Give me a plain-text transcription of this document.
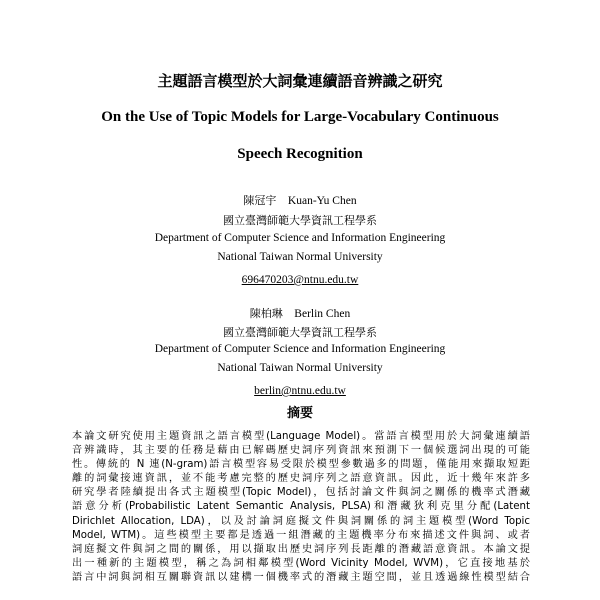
主題語言模型於大詞彙連續語音辨識之研究
On the Use of Topic Models for Large-Vocabulary Continuous
Speech Recognition
陳冠宇 Kuan-Yu Chen
國立臺灣師範大學資訊工程學系
Department of Computer Science and Information Engineering
National Taiwan Normal University
696470203@ntnu.edu.tw
陳柏琳 Berlin Chen
國立臺灣師範大學資訊工程學系
Department of Computer Science and Information Engineering
National Taiwan Normal University
berlin@ntnu.edu.tw
摘要
本論文研究使用主題資訊之語言模型(Language Model)。當語言模型用於大詞彙連續語
音辨識時，其主要的任務是藉由已解碼歷史詞序列資訊來預測下一個候選詞出現的可能
性。傳統的 N 連(N-gram)語言模型容易受限於模型參數過多的問題，僅能用來擷取短距
離的詞彙接連資訊，並不能考慮完整的歷史詞序列之語意資訊。因此，近十幾年來許多
研究學者陸續提出各式主題模型(Topic Model)，包括討論文件與詞之關係的機率式潛藏
語意分析(Probabilistic Latent Semantic Analysis, PLSA)和潛藏狄利克里分配(Latent
Dirichlet Allocation, LDA)，以及討論詞庭擬文件與詞關係的詞主題模型(Word Topic
Model, WTM)。這些模型主要都是透過一組潛藏的主題機率分布來描述文件與詞、或者
詞庭擬文件與詞之間的關係，用以擷取出歷史詞序列長距離的潛藏語意資訊。本論文提
出一種新的主題模型，稱之為詞相鄰模型(Word Vicinity Model, WVM)，它直接地基於
語言中詞與詞相互關聯資訊以建構一個機率式的潛藏主題空間，並且透過線性模型結合
